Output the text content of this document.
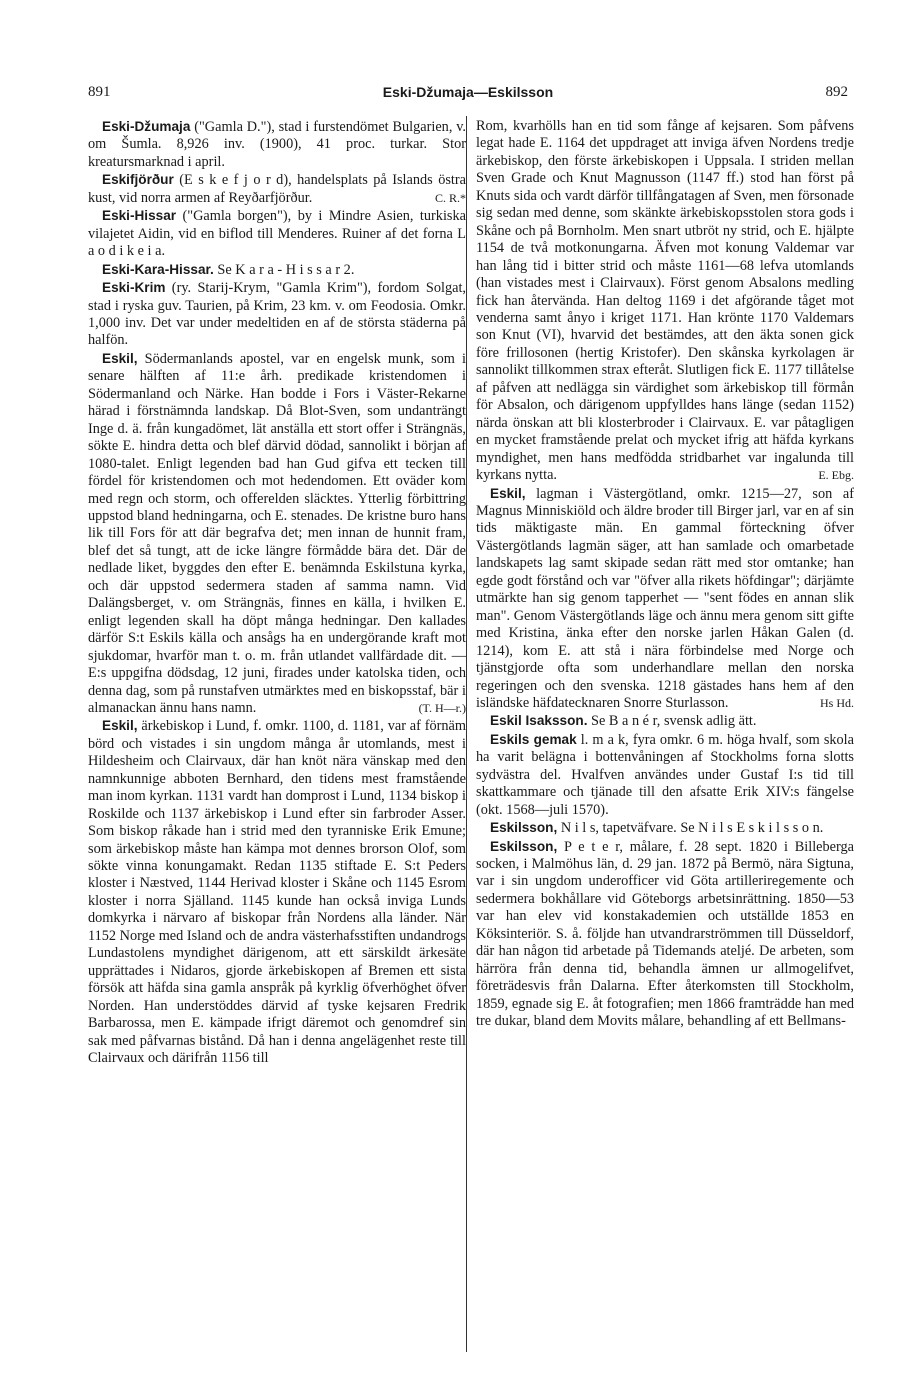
891	Eski-Džumaja—Eskilsson	892

Eski-Džumaja ("Gamla D."), stad i furstendömet Bulgarien, v. om Šumla. 8,926 inv. (1900), 41 proc. turkar. Stor kreatursmarknad i april.

Eskifjörður (E s k e f j o r d), handelsplats på Islands östra kust, vid norra armen af Reyðarfjörður.	C. R.*

Eski-Hissar ("Gamla borgen"), by i Mindre Asien, turkiska vilajetet Aidin, vid en biflod till Menderes. Ruiner af det forna L a o d i k e i a.

Eski-Kara-Hissar. Se K a r a - H i s s a r 2.

Eski-Krim (ry. Starij-Krym, "Gamla Krim"), fordom Solgat, stad i ryska guv. Taurien, på Krim, 23 km. v. om Feodosia. Omkr. 1,000 inv. Det var under medeltiden en af de största städerna på halfön.

Eskil, Södermanlands apostel, var en engelsk munk, som i senare hälften af 11:e årh. predikade kristendomen i Södermanland och Närke. Han bodde i Fors i Väster-Rekarne härad i förstnämnda landskap. Då Blot-Sven, som undanträngt Inge d. ä. från kungadömet, lät anställa ett stort offer i Strängnäs, sökte E. hindra detta och blef därvid dödad, sannolikt i början af 1080-talet. Enligt legenden bad han Gud gifva ett tecken till fördel för kristendomen och mot hedendomen. Ett oväder kom med regn och storm, och offerelden släcktes. Ytterlig förbittring uppstod bland hedningarna, och E. stenades. De kristne buro hans lik till Fors för att där begrafva det; men innan de hunnit fram, blef det så tungt, att de icke längre förmådde bära det. Där de nedlade liket, byggdes den efter E. benämnda Eskilstuna kyrka, och där uppstod sedermera staden af samma namn. Vid Dalängsberget, v. om Strängnäs, finnes en källa, i hvilken E. enligt legenden skall ha döpt många hedningar. Den kallades därför S:t Eskils källa och ansågs ha en undergörande kraft mot sjukdomar, hvarför man t. o. m. från utlandet vallfärdade dit. — E:s uppgifna dödsdag, 12 juni, firades under katolska tiden, och denna dag, som på runstafven utmärktes med en biskopsstaf, bär i almanackan ännu hans namn.	(T. H—r.)

Eskil, ärkebiskop i Lund, f. omkr. 1100, d. 1181, var af förnäm börd och vistades i sin ungdom många år utomlands, mest i Hildesheim och Clairvaux, där han knöt nära vänskap med den namnkunnige abboten Bernhard, den tidens mest framstående man inom kyrkan. 1131 vardt han domprost i Lund, 1134 biskop i Roskilde och 1137 ärkebiskop i Lund efter sin farbroder Asser. Som biskop råkade han i strid med den tyranniske Erik Emune; som ärkebiskop måste han kämpa mot dennes brorson Olof, som sökte vinna konungamakt. Redan 1135 stiftade E. S:t Peders kloster i Næstved, 1144 Herivad kloster i Skåne och 1145 Esrom kloster i norra Själland. 1145 kunde han också invigа Lunds domkyrka i närvaro af biskopar från Nordens alla länder. När 1152 Norge med Island och de andra västerhafsstiften undandrogs Lundastolens myndighet därigenom, att ett särskildt ärkesäte upprättades i Nidaros, gjorde ärkebiskopen af Bremen ett sista försök att häfda sina gamla anspråk på kyrklig öfverhöghet öfver Norden. Han understöddes därvid af tyske kejsaren Fredrik Barbarossa, men E. kämpade ifrigt däremot och genomdref sin sak med påfvarnas bistånd. Då han i denna angelägenhet reste till Clairvaux och därifrån 1156 till

Rom, kvarhölls han en tid som fånge af kejsaren. Som påfvens legat hade E. 1164 det uppdraget att inviga äfven Nordens tredje ärkebiskop, den förste ärkebiskopen i Uppsala. I striden mellan Sven Grade och Knut Magnusson (1147 ff.) stod han först på Knuts sida och vardt därför tillfångatagen af Sven, men försonade sig sedan med denne, som skänkte ärkebiskopsstolen stora gods i Skåne och på Bornholm. Men snart utbröt ny strid, och E. hjälpte 1154 de två motkonungarna. Äfven mot konung Valdemar var han lång tid i bitter strid och måste 1161—68 lefva utomlands (han vistades mest i Clairvaux). Först genom Absalons medling fick han återvända. Han deltog 1169 i det afgörande tåget mot venderna samt ånyo i kriget 1171. Han krönte 1170 Valdemars son Knut (VI), hvarvid det bestämdes, att den äkta sonen gick före frillosonen (hertig Kristofer). Den skånska kyrkolagen är sannolikt tillkommen strax efteråt. Slutligen fick E. 1177 tillåtelse af påfven att nedlägga sin värdighet som ärkebiskop till förmån för Absalon, och därigenom uppfylldes hans länge (sedan 1152) närda önskan att bli klosterbroder i Clairvaux. E. var påtagligen en mycket framstående prelat och mycket ifrig att häfda kyrkans myndighet, men hans medfödda stridbarhet var ingalunda till kyrkans nytta.	E. Ebg.

Eskil, lagman i Västergötland, omkr. 1215—27, son af Magnus Minniskiöld och äldre broder till Birger jarl, var en af sin tids mäktigaste män. En gammal förteckning öfver Västergötlands lagmän säger, att han samlade och omarbetade landskapets lag samt skipade sedan rätt med stor omtanke; han egde godt förstånd och var "öfver alla rikets höfdingar"; därjämte utmärkte han sig genom tapperhet — "sent födes en annan slik man". Genom Västergötlands läge och ännu mera genom sitt gifte med Kristina, änka efter den norske jarlen Håkan Galen (d. 1214), kom E. att stå i nära förbindelse med Norge och tjänstgjorde ofta som underhandlare mellan den norska regeringen och den svenska. 1218 gästades hans hem af den isländske häfdatecknaren Snorre Sturlasson.	Hs Hd.

Eskil Isaksson. Se B a n é r, svensk adlig ätt.

Eskils gemak l. m a k, fyra omkr. 6 m. höga hvalf, som skola ha varit belägna i bottenvåningen af Stockholms forna slotts sydvästra del. Hvalfven användes under Gustaf I:s tid till skattkammare och tjänade till den afsatte Erik XIV:s fängelse (okt. 1568—juli 1570).

Eskilsson, N i l s, tapetväfvare. Se N i l s E s k i l s s o n.

Eskilsson, P e t e r, målare, f. 28 sept. 1820 i Billeberga socken, i Malmöhus län, d. 29 jan. 1872 på Bermö, nära Sigtuna, var i sin ungdom underofficer vid Göta artilleriregemente och sedermera bokhållare vid Göteborgs arbetsinrättning. 1850—53 var han elev vid konstakademien och utställde 1853 en Köksinteriör. S. å. följde han utvandrarströmmen till Düsseldorf, där han någon tid arbetade på Tidemands ateljé. De arbeten, som härröra från denna tid, behandla ämnen ur allmogelifvet, företrädesvis från Dalarna. Efter återkomsten till Stockholm, 1859, egnade sig E. åt fotografien; men 1866 framträdde han med tre dukar, bland dem Movits målare, behandling af ett Bellmans-
